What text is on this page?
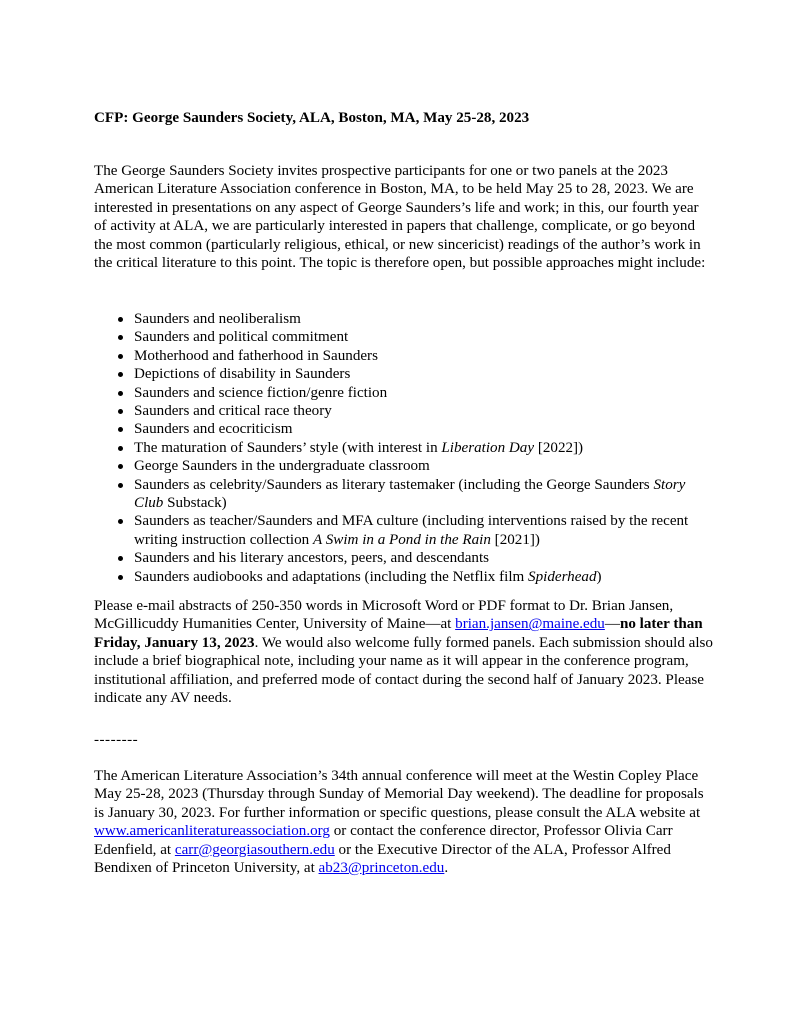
CFP: George Saunders Society, ALA, Boston, MA, May 25-28, 2023

The George Saunders Society invites prospective participants for one or two panels at the 2023 American Literature Association conference in Boston, MA, to be held May 25 to 28, 2023. We are interested in presentations on any aspect of George Saunders’s life and work; in this, our fourth year of activity at ALA, we are particularly interested in papers that challenge, complicate, or go beyond the most common (particularly religious, ethical, or new sincericist) readings of the author’s work in the critical literature to this point. The topic is therefore open, but possible approaches might include:

Saunders and neoliberalism
Saunders and political commitment
Motherhood and fatherhood in Saunders
Depictions of disability in Saunders
Saunders and science fiction/genre fiction
Saunders and critical race theory
Saunders and ecocriticism
The maturation of Saunders’ style (with interest in Liberation Day [2022])
George Saunders in the undergraduate classroom
Saunders as celebrity/Saunders as literary tastemaker (including the George Saunders Story Club Substack)
Saunders as teacher/Saunders and MFA culture (including interventions raised by the recent writing instruction collection A Swim in a Pond in the Rain [2021])
Saunders and his literary ancestors, peers, and descendants
Saunders audiobooks and adaptations (including the Netflix film Spiderhead)

Please e-mail abstracts of 250-350 words in Microsoft Word or PDF format to Dr. Brian Jansen, McGillicuddy Humanities Center, University of Maine—at brian.jansen@maine.edu—no later than Friday, January 13, 2023. We would also welcome fully formed panels. Each submission should also include a brief biographical note, including your name as it will appear in the conference program, institutional affiliation, and preferred mode of contact during the second half of January 2023. Please indicate any AV needs.

--------

The American Literature Association’s 34th annual conference will meet at the Westin Copley Place May 25-28, 2023 (Thursday through Sunday of Memorial Day weekend). The deadline for proposals is January 30, 2023. For further information or specific questions, please consult the ALA website at www.americanliteratureassociation.org or contact the conference director, Professor Olivia Carr Edenfield, at carr@georgiasouthern.edu or the Executive Director of the ALA, Professor Alfred Bendixen of Princeton University, at ab23@princeton.edu.
